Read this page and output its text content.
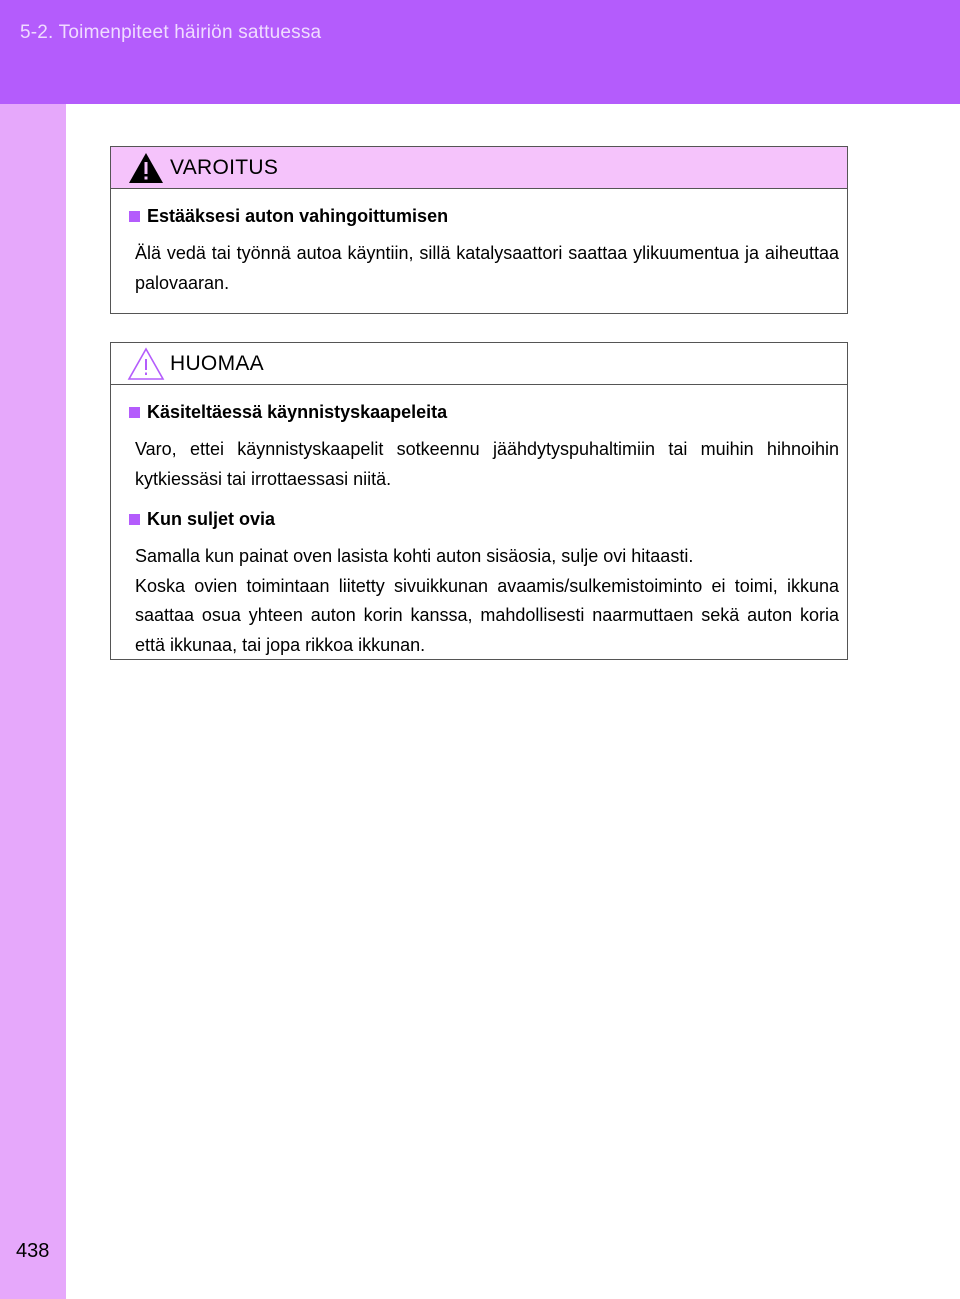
5-2. Toimenpiteet häiriön sattuessa
438
VAROITUS
Estääksesi auton vahingoittumisen
Älä vedä tai työnnä autoa käyntiin, sillä katalysaattori saattaa ylikuumentua ja aiheuttaa palovaaran.
HUOMAA
Käsiteltäessä käynnistyskaapeleita
Varo, ettei käynnistyskaapelit sotkeennu jäähdytyspuhaltimiin tai muihin hihnoihin kytkiessäsi tai irrottaessasi niitä.
Kun suljet ovia
Samalla kun painat oven lasista kohti auton sisäosia, sulje ovi hitaasti.
Koska ovien toimintaan liitetty sivuikkunan avaamis/sulkemistoiminto ei toimi, ikkuna saattaa osua yhteen auton korin kanssa, mahdollisesti naarmuttaen sekä auton koria että ikkunaa, tai jopa rikkoa ikkunan.
